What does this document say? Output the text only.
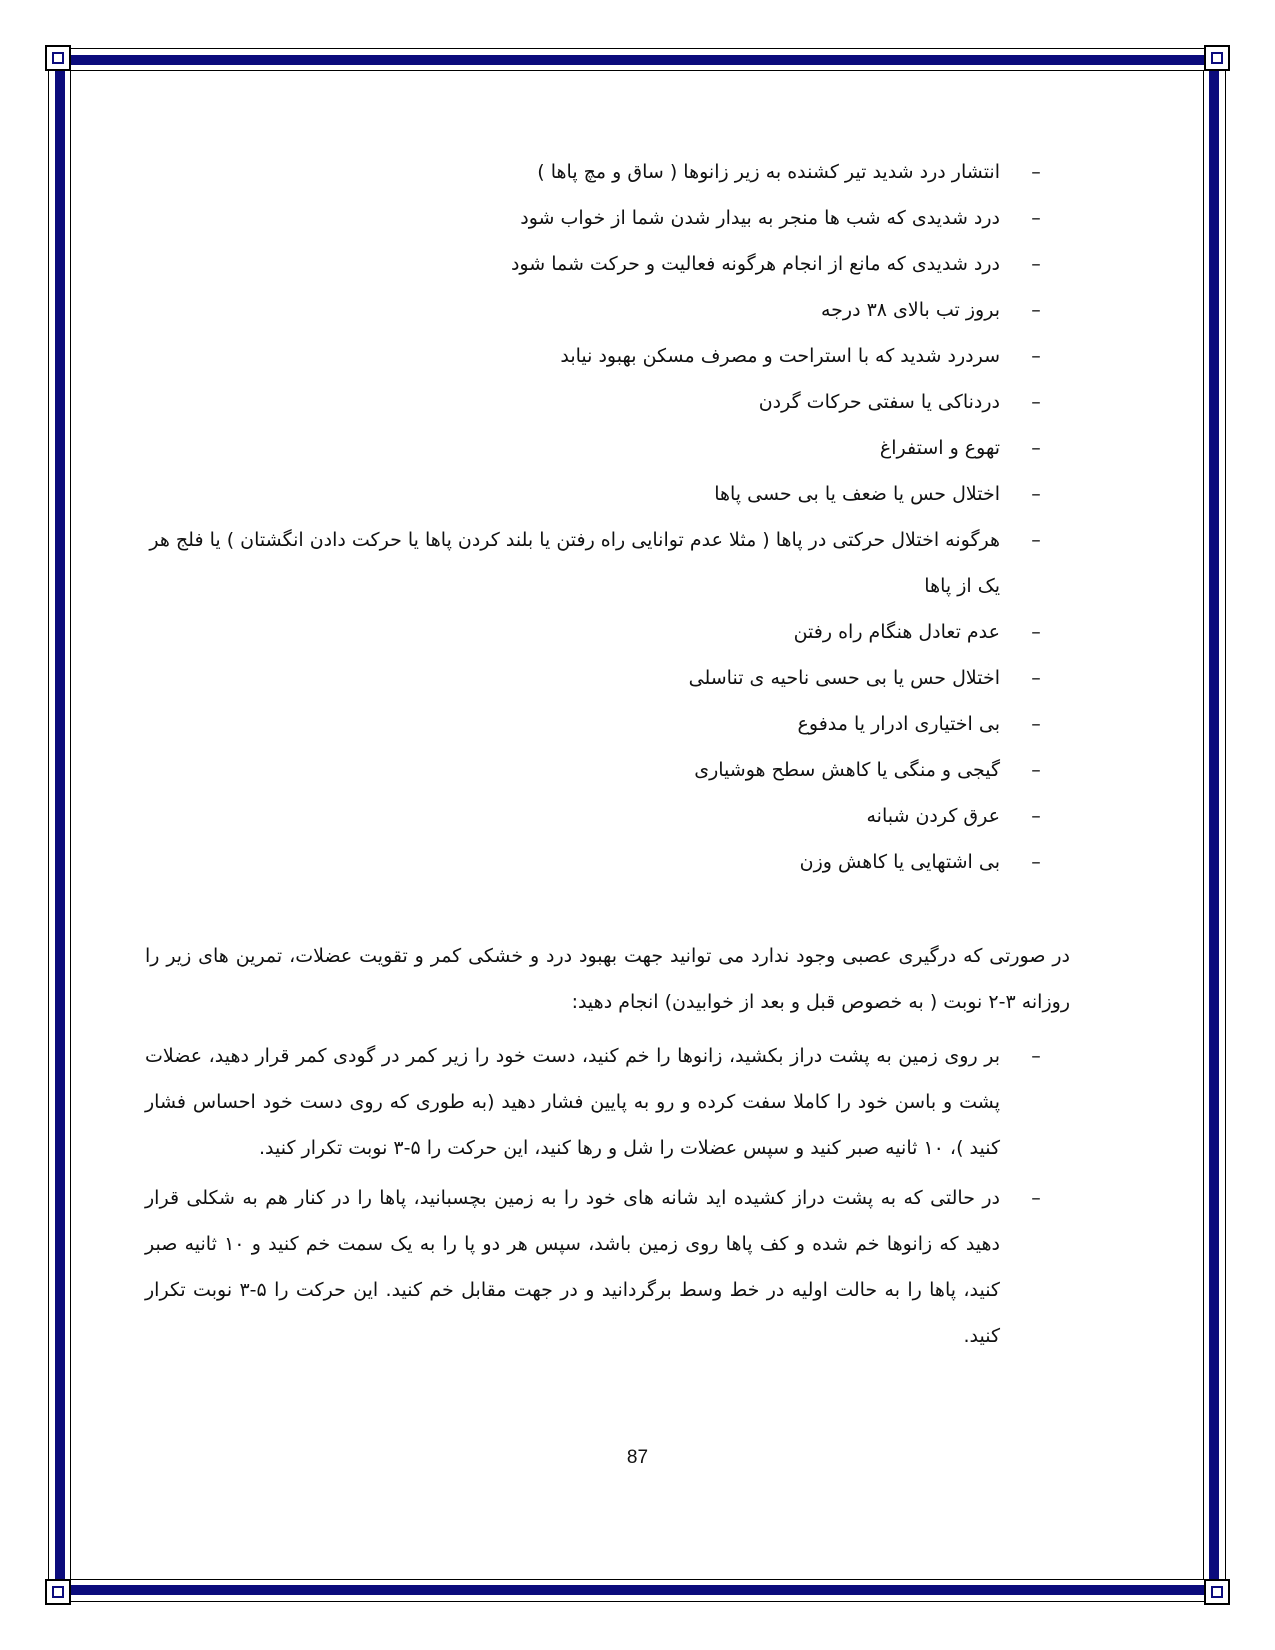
–
انتشار درد شدید تیر کشنده به زیر زانوها ( ساق و مچ پاها )
–
درد شدیدی که شب ها منجر به بیدار شدن شما از خواب شود
–
درد شدیدی که مانع از انجام هرگونه فعالیت و حرکت شما شود
–
بروز تب بالای ۳۸ درجه
–
سردرد شدید که با استراحت و مصرف مسکن بهبود نیابد
–
دردناکی یا سفتی حرکات گردن
–
تهوع و استفراغ
–
اختلال حس یا ضعف یا بی حسی پاها
–
هرگونه اختلال حرکتی در پاها ( مثلا عدم توانایی راه رفتن یا بلند کردن پاها یا حرکت دادن انگشتان ) یا فلج هر یک از پاها
–
عدم تعادل هنگام راه رفتن
–
اختلال حس یا بی حسی ناحیه ی تناسلی
–
بی اختیاری ادرار یا مدفوع
–
گیجی و منگی یا کاهش سطح هوشیاری
–
عرق کردن شبانه
–
بی اشتهایی یا کاهش وزن
در صورتی که درگیری عصبی وجود ندارد می توانید جهت بهبود درد و خشکی کمر و تقویت عضلات، تمرین های زیر را روزانه ۳-۲ نوبت ( به خصوص قبل و بعد از خوابیدن) انجام دهید:
–
بر روی زمین به پشت دراز بکشید، زانوها را خم کنید، دست خود را زیر کمر در گودی کمر قرار دهید، عضلات پشت و باسن خود را کاملا سفت کرده و رو به پایین فشار دهید (به طوری که روی دست خود احساس فشار کنید )، ۱۰ ثانیه صبر کنید و سپس عضلات را شل و رها کنید، این حرکت را ۵-۳ نوبت تکرار کنید.
–
در حالتی که به پشت دراز کشیده اید شانه های خود را به زمین بچسبانید، پاها را در کنار هم به شکلی قرار دهید که زانوها خم شده و کف پاها روی زمین باشد، سپس هر دو پا را به یک سمت خم کنید و ۱۰ ثانیه صبر کنید، پاها را به حالت اولیه در خط وسط برگردانید و در جهت مقابل خم کنید. این حرکت را ۵-۳ نوبت تکرار کنید.
87
